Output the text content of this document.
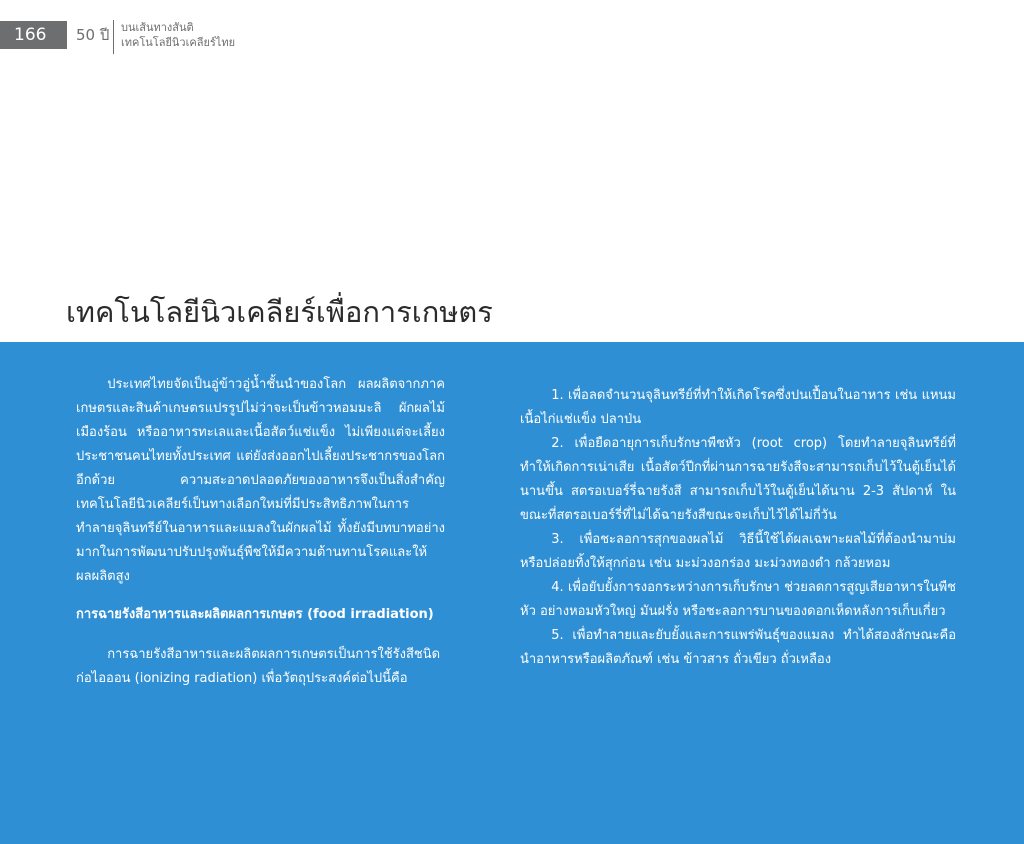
166	50 ปี บนเส้นทางสันติ
เทคโนโลยีนิวเคลียร์ไทย
เทคโนโลยีนิวเคลียร์เพื่อการเกษตร

ประเทศไทยจัดเป็นอู่ข้าวอู่น้ำชั้นนำของโลก ผลผลิตจากภาคเกษตรและสินค้าเกษตรแปรรูปไม่ว่าจะเป็นข้าวหอมมะลิ ผักผลไม้เมืองร้อน หรืออาหารทะเลและเนื้อสัตว์แช่แข็ง ไม่เพียงแต่จะเลี้ยงประชาชนคนไทยทั้งประเทศ แต่ยังส่งออกไปเลี้ยงประชากรของโลกอีกด้วย ความสะอาดปลอดภัยของอาหารจึงเป็นสิ่งสำคัญ เทคโนโลยีนิวเคลียร์เป็นทางเลือกใหม่ที่มีประสิทธิภาพในการทำลายจุลินทรีย์ในอาหารและแมลงในผักผลไม้ ทั้งยังมีบทบาทอย่างมากในการพัฒนาปรับปรุงพันธุ์พืชให้มีความต้านทานโรคและให้ผลผลิตสูง

การฉายรังสีอาหารและผลิตผลการเกษตร (food irradiation)

การฉายรังสีอาหารและผลิตผลการเกษตรเป็นการใช้รังสีชนิดก่อไอออน (ionizing radiation) เพื่อวัตถุประสงค์ต่อไปนี้คือ

1. เพื่อลดจำนวนจุลินทรีย์ที่ทำให้เกิดโรคซึ่งปนเปื้อนในอาหาร เช่น แหนม เนื้อไก่แช่แข็ง ปลาป่น

2. เพื่อยืดอายุการเก็บรักษาพืชหัว (root crop) โดยทำลายจุลินทรีย์ที่ทำให้เกิดการเน่าเสีย เนื้อสัตว์ปีกที่ผ่านการฉายรังสีจะสามารถเก็บไว้ในตู้เย็นได้นานขึ้น สตรอเบอร์รี่ฉายรังสี สามารถเก็บไว้ในตู้เย็นได้นาน 2-3 สัปดาห์ ในขณะที่สตรอเบอร์รี่ที่ไม่ได้ฉายรังสีขณะจะเก็บไว้ได้ไม่กี่วัน

3. เพื่อชะลอการสุกของผลไม้ วิธีนี้ใช้ได้ผลเฉพาะผลไม้ที่ต้องนำมาบ่มหรือปล่อยทิ้งให้สุกก่อน เช่น มะม่วงอกร่อง มะม่วงทองดำ กล้วยหอม

4. เพื่อยับยั้งการงอกระหว่างการเก็บรักษา ช่วยลดการสูญเสียอาหารในพืชหัว อย่างหอมหัวใหญ่ มันฝรั่ง หรือชะลอการบานของดอกเห็ดหลังการเก็บเกี่ยว

5. เพื่อทำลายและยับยั้งและการแพร่พันธุ์ของแมลง ทำได้สองลักษณะคือ นำอาหารหรือผลิตภัณฑ์ เช่น ข้าวสาร ถั่วเขียว ถั่วเหลือง
